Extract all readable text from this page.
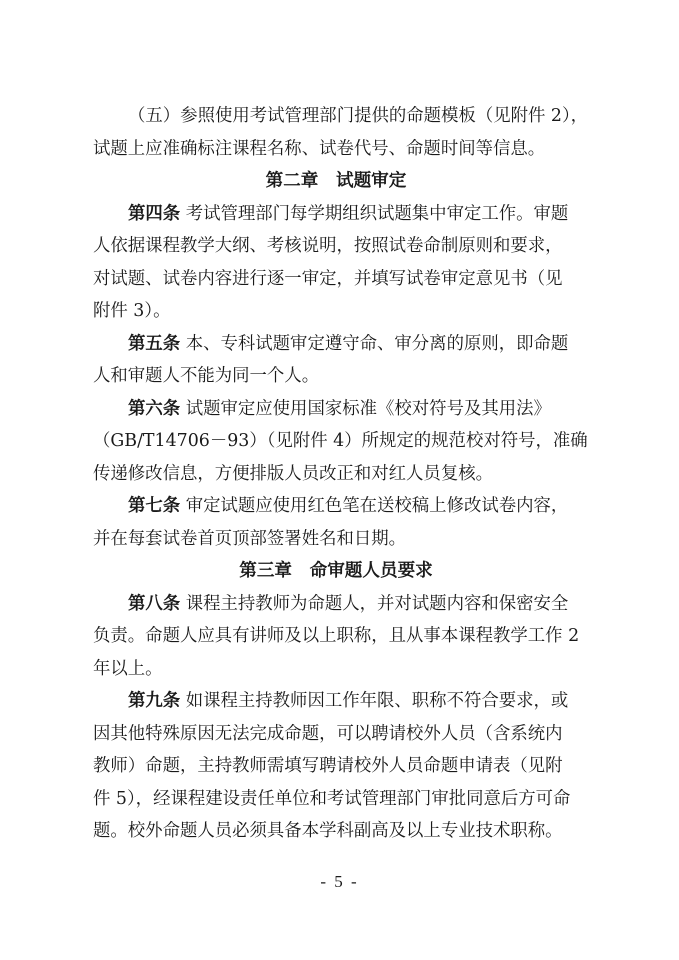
（五）参照使用考试管理部门提供的命题模板（见附件 2），

试题上应准确标注课程名称、试卷代号、命题时间等信息。

第二章　试题审定

第四条 考试管理部门每学期组织试题集中审定工作。审题

人依据课程教学大纲、考核说明，按照试卷命制原则和要求，

对试题、试卷内容进行逐一审定，并填写试卷审定意见书（见

附件 3）。

第五条 本、专科试题审定遵守命、审分离的原则，即命题

人和审题人不能为同一个人。

第六条 试题审定应使用国家标准《校对符号及其用法》

（GB/T14706－93）（见附件 4）所规定的规范校对符号，准确

传递修改信息，方便排版人员改正和对红人员复核。

第七条 审定试题应使用红色笔在送校稿上修改试卷内容，

并在每套试卷首页顶部签署姓名和日期。

第三章　命审题人员要求

第八条 课程主持教师为命题人，并对试题内容和保密安全

负责。命题人应具有讲师及以上职称，且从事本课程教学工作 2

年以上。

第九条 如课程主持教师因工作年限、职称不符合要求，或

因其他特殊原因无法完成命题，可以聘请校外人员（含系统内

教师）命题，主持教师需填写聘请校外人员命题申请表（见附

件 5），经课程建设责任单位和考试管理部门审批同意后方可命

题。校外命题人员必须具备本学科副高及以上专业技术职称。

- 5 -
